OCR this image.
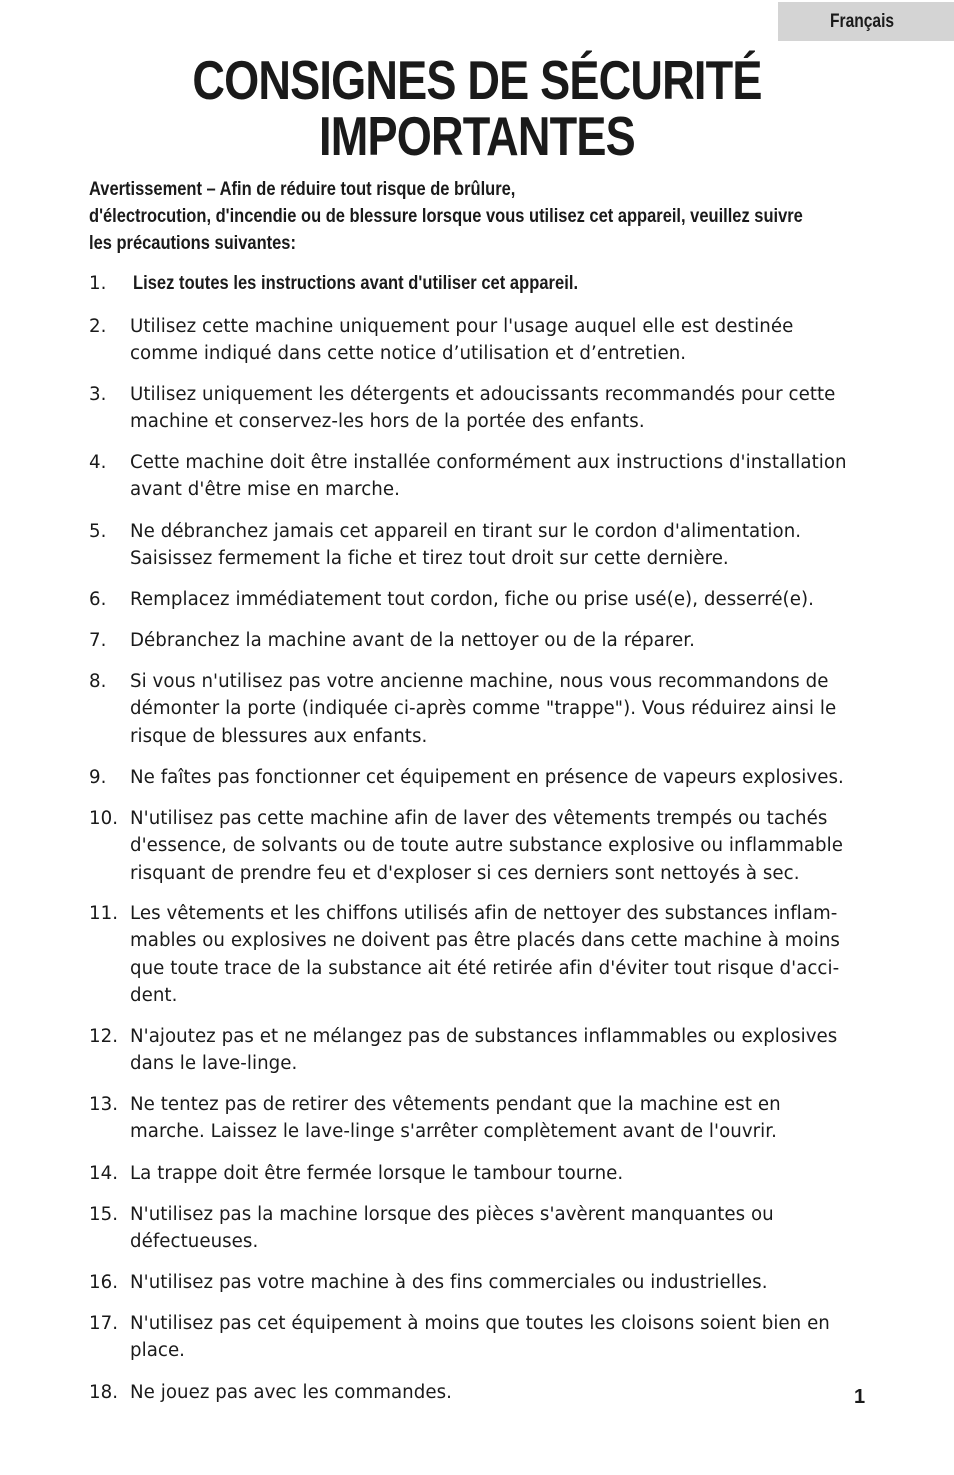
Français
CONSIGNES DE SÉCURITÉ
IMPORTANTES
Avertissement – Afin de réduire tout risque de brûlure,
d'électrocution, d'incendie ou de blessure lorsque vous utilisez cet appareil, veuillez suivre
les précautions suivantes:
1. Lisez toutes les instructions avant d'utiliser cet appareil.
2. Utilisez cette machine uniquement pour l'usage auquel elle est destinée
comme indiqué dans cette notice d’utilisation et d’entretien.
3. Utilisez uniquement les détergents et adoucissants recommandés pour cette
machine et conservez-les hors de la portée des enfants.
4. Cette machine doit être installée conformément aux instructions d'installation
avant d'être mise en marche.
5. Ne débranchez jamais cet appareil en tirant sur le cordon d'alimentation.
Saisissez fermement la fiche et tirez tout droit sur cette dernière.
6. Remplacez immédiatement tout cordon, fiche ou prise usé(e), desserré(e).
7. Débranchez la machine avant de la nettoyer ou de la réparer.
8. Si vous n'utilisez pas votre ancienne machine, nous vous recommandons de
démonter la porte (indiquée ci-après comme "trappe"). Vous réduirez ainsi le
risque de blessures aux enfants.
9. Ne faîtes pas fonctionner cet équipement en présence de vapeurs explosives.
10. N'utilisez pas cette machine afin de laver des vêtements trempés ou tachés
d'essence, de solvants ou de toute autre substance explosive ou inflammable
risquant de prendre feu et d'exploser si ces derniers sont nettoyés à sec.
11. Les vêtements et les chiffons utilisés afin de nettoyer des substances inflam-
mables ou explosives ne doivent pas être placés dans cette machine à moins
que toute trace de la substance ait été retirée afin d'éviter tout risque d'acci-
dent.
12. N'ajoutez pas et ne mélangez pas de substances inflammables ou explosives
dans le lave-linge.
13. Ne tentez pas de retirer des vêtements pendant que la machine est en
marche. Laissez le lave-linge s'arrêter complètement avant de l'ouvrir.
14. La trappe doit être fermée lorsque le tambour tourne.
15. N'utilisez pas la machine lorsque des pièces s'avèrent manquantes ou
défectueuses.
16. N'utilisez pas votre machine à des fins commerciales ou industrielles.
17. N'utilisez pas cet équipement à moins que toutes les cloisons soient bien en
place.
18. Ne jouez pas avec les commandes.	1
